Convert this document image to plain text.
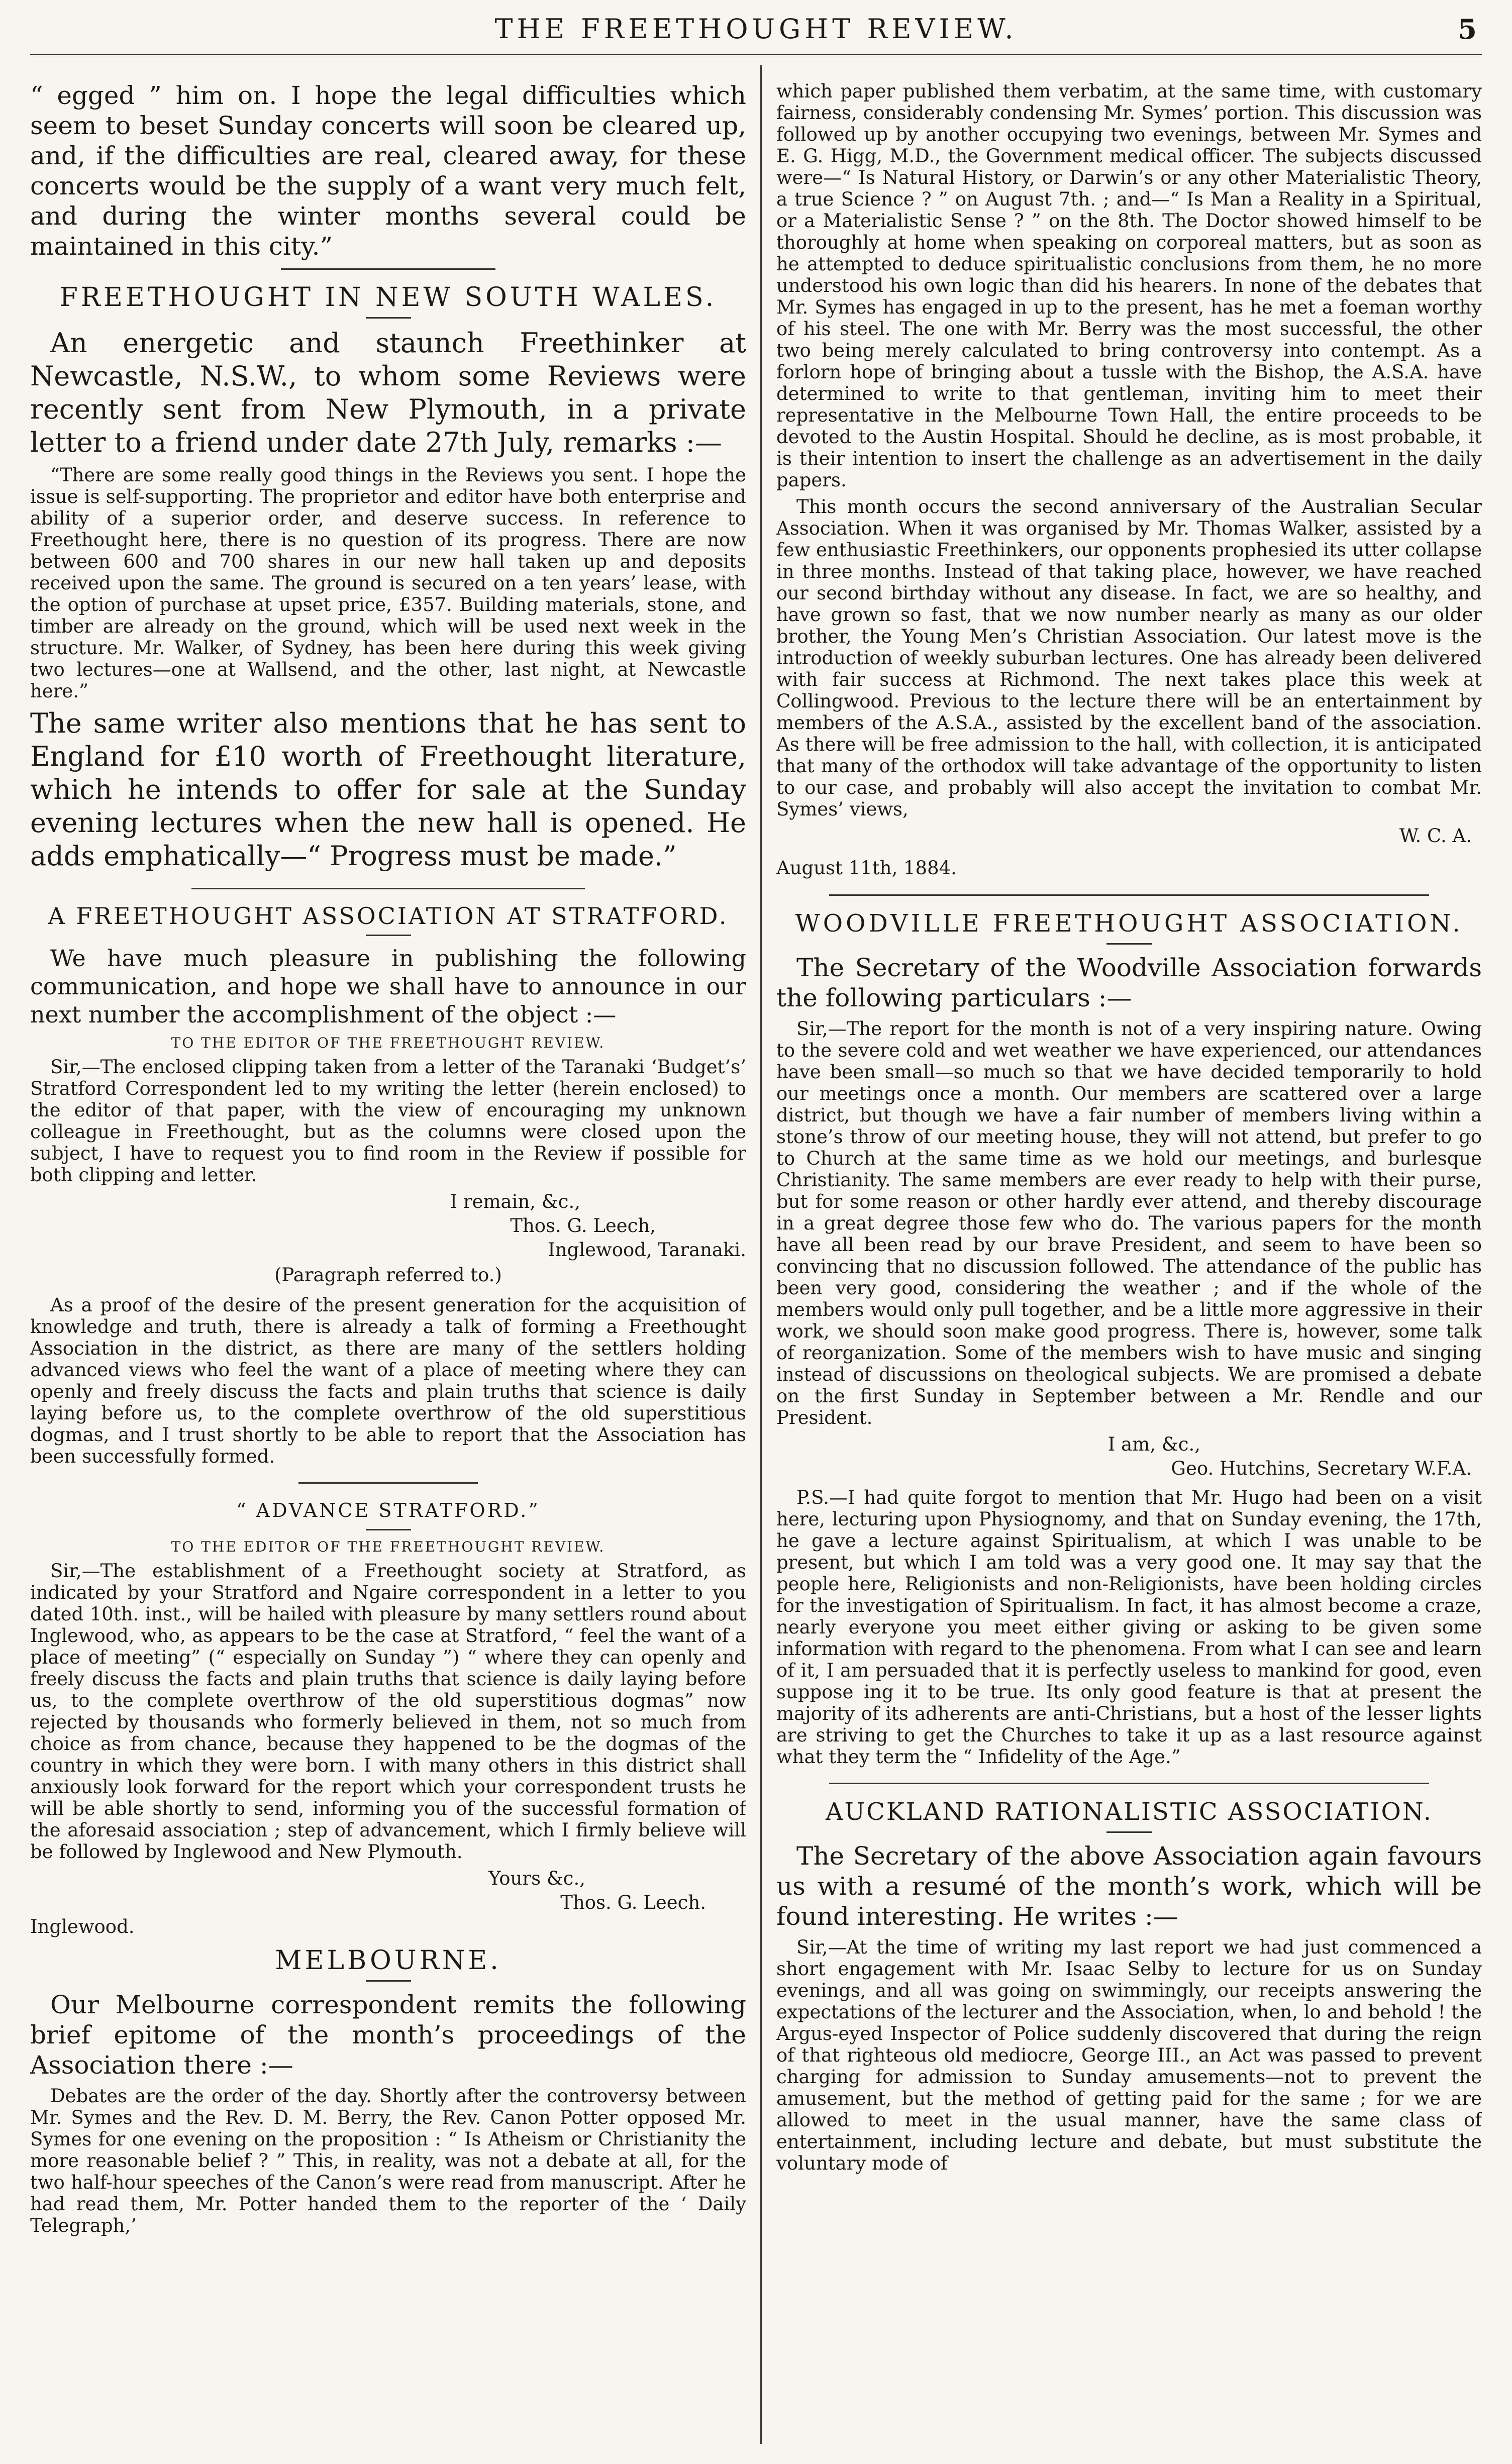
THE FREETHOUGHT REVIEW.	5

“ egged ” him on. I hope the legal difficulties which seem to beset Sunday concerts will soon be cleared up, and, if the difficulties are real, cleared away, for these concerts would be the supply of a want very much felt, and during the winter months several could be maintained in this city.”

FREETHOUGHT IN NEW SOUTH WALES.

An energetic and staunch Freethinker at Newcastle, N.S.W., to whom some Reviews were recently sent from New Plymouth, in a private letter to a friend under date 27th July, remarks :—

“There are some really good things in the Reviews you sent. I hope the issue is self-supporting. The proprietor and editor have both enterprise and ability of a superior order, and deserve success. In reference to Freethought here, there is no question of its progress. There are now between 600 and 700 shares in our new hall taken up and deposits received upon the same. The ground is secured on a ten years’ lease, with the option of purchase at upset price, £357. Building materials, stone, and timber are already on the ground, which will be used next week in the structure. Mr. Walker, of Sydney, has been here during this week giving two lectures—one at Wallsend, and the other, last night, at Newcastle here.”

The same writer also mentions that he has sent to England for £10 worth of Freethought literature, which he intends to offer for sale at the Sunday evening lectures when the new hall is opened. He adds emphatically—“ Progress must be made.”

A FREETHOUGHT ASSOCIATION AT STRATFORD.

We have much pleasure in publishing the following communication, and hope we shall have to announce in our next number the accomplishment of the object :—

TO THE EDITOR OF THE FREETHOUGHT REVIEW.

Sir,—The enclosed clipping taken from a letter of the Taranaki ‘Budget’s’ Stratford Correspondent led to my writing the letter (herein enclosed) to the editor of that paper, with the view of encouraging my unknown colleague in Freethought, but as the columns were closed upon the subject, I have to request you to find room in the Review if possible for both clipping and letter.

I remain, &c.,
Thos. G. Leech,
Inglewood, Taranaki.
(Paragraph referred to.)

As a proof of the desire of the present generation for the acquisition of knowledge and truth, there is already a talk of forming a Freethought Association in the district, as there are many of the settlers holding advanced views who feel the want of a place of meeting where they can openly and freely discuss the facts and plain truths that science is daily laying before us, to the complete overthrow of the old superstitious dogmas, and I trust shortly to be able to report that the Association has been successfully formed.

“ ADVANCE STRATFORD.”
TO THE EDITOR OF THE FREETHOUGHT REVIEW.

Sir,—The establishment of a Freethought society at Stratford, as indicated by your Stratford and Ngaire correspondent in a letter to you dated 10th. inst., will be hailed with pleasure by many settlers round about Inglewood, who, as appears to be the case at Stratford, “ feel the want of a place of meeting” (“ especially on Sunday ”) “ where they can openly and freely discuss the facts and plain truths that science is daily laying before us, to the complete overthrow of the old superstitious dogmas” now rejected by thousands who formerly believed in them, not so much from choice as from chance, because they happened to be the dogmas of the country in which they were born. I with many others in this district shall anxiously look forward for the report which your correspondent trusts he will be able shortly to send, informing you of the successful formation of the aforesaid association ; step of advancement, which I firmly believe will be followed by Inglewood and New Plymouth.

Yours &c.,
Thos. G. Leech.
Inglewood.
MELBOURNE.

Our Melbourne correspondent remits the following brief epitome of the month’s proceedings of the Association there :—

Debates are the order of the day. Shortly after the controversy between Mr. Symes and the Rev. D. M. Berry, the Rev. Canon Potter opposed Mr. Symes for one evening on the proposition : “ Is Atheism or Christianity the more reasonable belief ? ” This, in reality, was not a debate at all, for the two half-hour speeches of the Canon’s were read from manuscript. After he had read them, Mr. Potter handed them to the reporter of the ‘ Daily Telegraph,’

which paper published them verbatim, at the same time, with customary fairness, considerably condensing Mr. Symes’ portion. This discussion was followed up by another occupying two evenings, between Mr. Symes and E. G. Higg, M.D., the Government medical officer. The subjects discussed were—“ Is Natural History, or Darwin’s or any other Materialistic Theory, a true Science ? ” on August 7th. ; and—“ Is Man a Reality in a Spiritual, or a Materialistic Sense ? ” on the 8th. The Doctor showed himself to be thoroughly at home when speaking on corporeal matters, but as soon as he attempted to deduce spiritualistic conclusions from them, he no more understood his own logic than did his hearers. In none of the debates that Mr. Symes has engaged in up to the present, has he met a foeman worthy of his steel. The one with Mr. Berry was the most successful, the other two being merely calculated to bring controversy into contempt. As a forlorn hope of bringing about a tussle with the Bishop, the A.S.A. have determined to write to that gentleman, inviting him to meet their representative in the Melbourne Town Hall, the entire proceeds to be devoted to the Austin Hospital. Should he decline, as is most probable, it is their intention to insert the challenge as an advertisement in the daily papers.

This month occurs the second anniversary of the Australian Secular Association. When it was organised by Mr. Thomas Walker, assisted by a few enthusiastic Freethinkers, our opponents prophesied its utter collapse in three months. Instead of that taking place, however, we have reached our second birthday without any disease. In fact, we are so healthy, and have grown so fast, that we now number nearly as many as our older brother, the Young Men’s Christian Association. Our latest move is the introduction of weekly suburban lectures. One has already been delivered with fair success at Richmond. The next takes place this week at Collingwood. Previous to the lecture there will be an entertainment by members of the A.S.A., assisted by the excellent band of the association. As there will be free admission to the hall, with collection, it is anticipated that many of the orthodox will take advantage of the opportunity to listen to our case, and probably will also accept the invitation to combat Mr. Symes’ views,

W. C. A.
August 11th, 1884.
WOODVILLE FREETHOUGHT ASSOCIATION.

The Secretary of the Woodville Association forwards the following particulars :—

Sir,—The report for the month is not of a very inspiring nature. Owing to the severe cold and wet weather we have experienced, our attendances have been small—so much so that we have decided temporarily to hold our meetings once a month. Our members are scattered over a large district, but though we have a fair number of members living within a stone’s throw of our meeting house, they will not attend, but prefer to go to Church at the same time as we hold our meetings, and burlesque Christianity. The same members are ever ready to help with their purse, but for some reason or other hardly ever attend, and thereby discourage in a great degree those few who do. The various papers for the month have all been read by our brave President, and seem to have been so convincing that no discussion followed. The attendance of the public has been very good, considering the weather ; and if the whole of the members would only pull together, and be a little more aggressive in their work, we should soon make good progress. There is, however, some talk of reorganization. Some of the members wish to have music and singing instead of discussions on theological subjects. We are promised a debate on the first Sunday in September between a Mr. Rendle and our President.

I am, &c.,
Geo. Hutchins, Secretary W.F.A.

P.S.—I had quite forgot to mention that Mr. Hugo had been on a visit here, lecturing upon Physiognomy, and that on Sunday evening, the 17th, he gave a lecture against Spiritualism, at which I was unable to be present, but which I am told was a very good one. It may say that the people here, Religionists and non-Religionists, have been holding circles for the investigation of Spiritualism. In fact, it has almost become a craze, nearly everyone you meet either giving or asking to be given some information with regard to the phenomena. From what I can see and learn of it, I am persuaded that it is perfectly useless to mankind for good, even suppose ing it to be true. Its only good feature is that at present the majority of its adherents are anti-Christians, but a host of the lesser lights are striving to get the Churches to take it up as a last resource against what they term the “ Infidelity of the Age.”

AUCKLAND RATIONALISTIC ASSOCIATION.

The Secretary of the above Association again favours us with a resumé of the month’s work, which will be found interesting. He writes :—

Sir,—At the time of writing my last report we had just commenced a short engagement with Mr. Isaac Selby to lecture for us on Sunday evenings, and all was going on swimmingly, our receipts answering the expectations of the lecturer and the Association, when, lo and behold ! the Argus-eyed Inspector of Police suddenly discovered that during the reign of that righteous old mediocre, George III., an Act was passed to prevent charging for admission to Sunday amusements—not to prevent the amusement, but the method of getting paid for the same ; for we are allowed to meet in the usual manner, have the same class of entertainment, including lecture and debate, but must substitute the voluntary mode of
